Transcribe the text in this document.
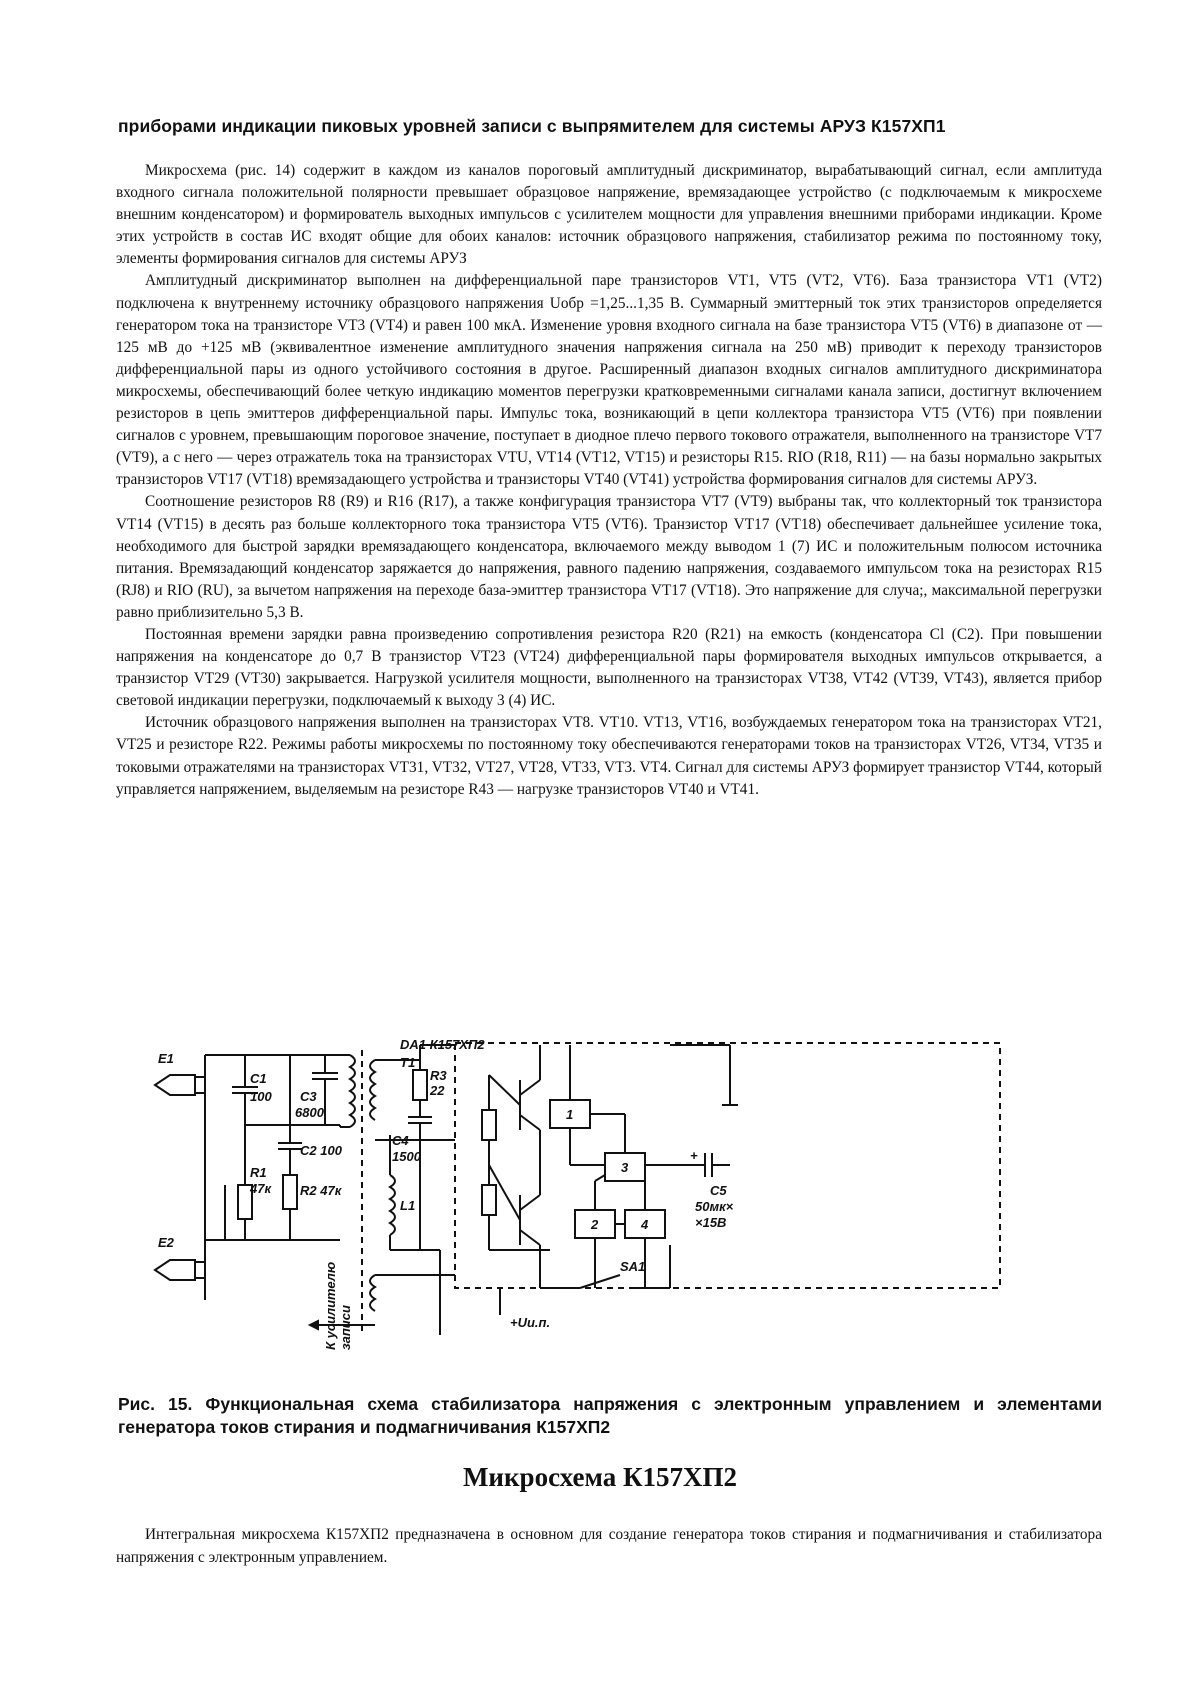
приборами индикации пиковых уровней записи с выпрямителем для системы АРУЗ К157ХП1

Микросхема (рис. 14) содержит в каждом из каналов пороговый амплитудный дискриминатор, вырабатывающий сигнал, если амплитуда входного сигнала положительной полярности превышает образцовое напряжение, времязадающее устройство (с подключаемым к микросхеме внешним конденсатором) и формирователь выходных импульсов с усилителем мощности для управления внешними приборами индикации. Кроме этих устройств в состав ИС входят общие для обоих каналов: источник образцового напряжения, стабилизатор режима по постоянному току, элементы формирования сигналов для системы АРУЗ

Амплитудный дискриминатор выполнен на дифференциальной паре транзисторов VT1, VT5 (VT2, VT6). База транзистора VT1 (VT2) подключена к внутреннему источнику образцового напряжения Uобр =1,25...1,35 В. Суммарный эмиттерный ток этих транзисторов определяется генератором тока на транзисторе VT3 (VT4) и равен 100 мкА. Изменение уровня входного сигнала на базе транзистора VT5 (VT6) в диапазоне от — 125 мВ до +125 мВ (эквивалентное изменение амплитудного значения напряжения сигнала на 250 мВ) приводит к переходу транзисторов дифференциальной пары из одного устойчивого состояния в другое. Расширенный диапазон входных сигналов амплитудного дискриминатора микросхемы, обеспечивающий более четкую индикацию моментов перегрузки кратковременными сигналами канала записи, достигнут включением резисторов в цепь эмиттеров дифференциальной пары. Импульс тока, возникающий в цепи коллектора транзистора VT5 (VT6) при появлении сигналов с уровнем, превышающим пороговое значение, поступает в диодное плечо первого токового отражателя, выполненного на транзисторе VT7 (VT9), а с него — через отражатель тока на транзисторах VTU, VT14 (VT12, VT15) и резисторы R15. RIO (R18, R11) — на базы нормально закрытых транзисторов VT17 (VT18) времязадающего устройства и транзисторы VT40 (VT41) устройства формирования сигналов для системы АРУЗ.

Соотношение резисторов R8 (R9) и R16 (R17), а также конфигурация транзистора VT7 (VT9) выбраны так, что коллекторный ток транзистора VT14 (VT15) в десять раз больше коллекторного тока транзистора VT5 (VT6). Транзистор VT17 (VT18) обеспечивает дальнейшее усиление тока, необходимого для быстрой зарядки времязадающего конденсатора, включаемого между выводом 1 (7) ИС и положительным полюсом источника питания. Времязадающий конденсатор заряжается до напряжения, равного падению напряжения, создаваемого импульсом тока на резисторах R15 (RJ8) и RIO (RU), за вычетом напряжения на переходе база-эмиттер транзистора VT17 (VT18). Это напряжение для случа;, максимальной перегрузки равно приблизительно 5,3 В.

Постоянная времени зарядки равна произведению сопротивления резистора R20 (R21) на емкость (конденсатора Cl (C2). При повышении напряжения на конденсаторе до 0,7 В транзистор VT23 (VT24) дифференциальной пары формирователя выходных импульсов открывается, а транзистор VT29 (VT30) закрывается. Нагрузкой усилителя мощности, выполненного на транзисторах VT38, VT42 (VT39, VT43), является прибор световой индикации перегрузки, подключаемый к выходу 3 (4) ИС.

Источник образцового напряжения выполнен на транзисторах VT8. VT10. VT13, VT16, возбуждаемых генератором тока на транзисторах VT21, VT25 и резисторе R22. Режимы работы микросхемы по постоянному току обеспечиваются генераторами токов на транзисторах VT26, VT34, VT35 и токовыми отражателями на транзисторах VT31, VT32, VT27, VT28, VT33, VT3. VT4. Сигнал для системы АРУЗ формирует транзистор VT44, который управляется напряжением, выделяемым на резисторе R43 — нагрузке транзисторов VT40 и VT41.

T1
DA1 К157ХП2
E1
E2
C1
100 C3
6800
C2 100
R1
47к R2 47к
R3
22
C4
1500
L1
C5
50мк×
×15В
SA1
+
+Uи.п.
1
2
3
4
К усилителю записи
Рис. 15. Функциональная схема стабилизатора напряжения с электронным управлением и элементами генератора токов стирания и подмагничивания К157ХП2
Микросхема К157ХП2

Интегральная микросхема К157ХП2 предназначена в основном для создание генератора токов стирания и подмагничивания и стабилизатора напряжения с электронным управлением.
